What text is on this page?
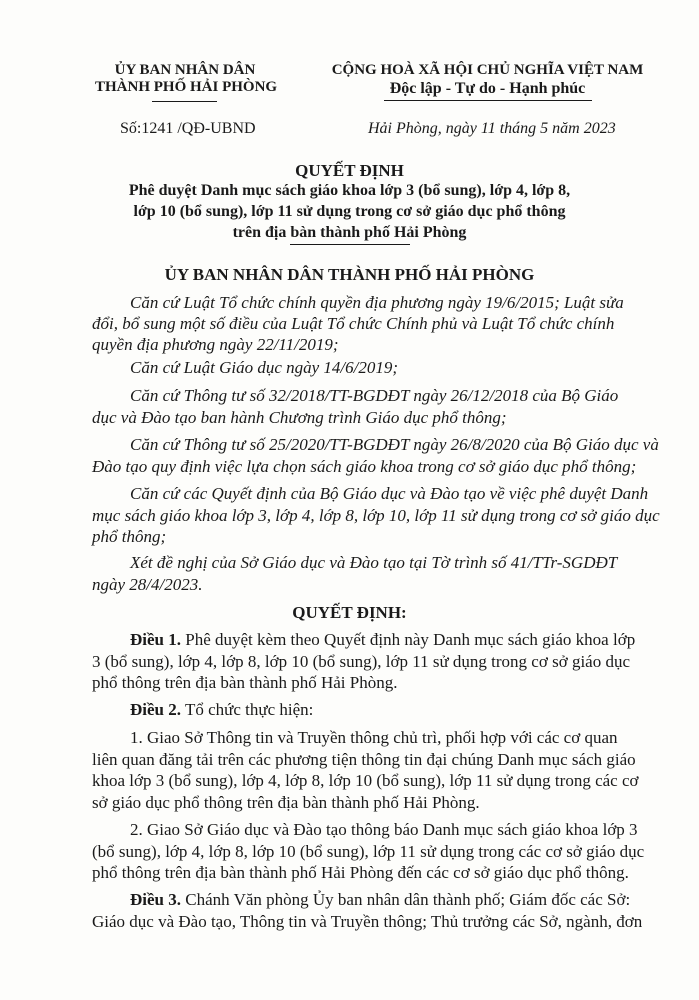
ỦY BAN NHÂN DÂN
THÀNH PHỐ HẢI PHÒNG
CỘNG HOÀ XÃ HỘI CHỦ NGHĨA VIỆT NAM
Độc lập - Tự do - Hạnh phúc
Số:1241 /QĐ-UBND	Hải Phòng, ngày 11 tháng 5 năm 2023
QUYẾT ĐỊNH
Phê duyệt Danh mục sách giáo khoa lớp 3 (bổ sung), lớp 4, lớp 8,
lớp 10 (bổ sung), lớp 11 sử dụng trong cơ sở giáo dục phổ thông
trên địa bàn thành phố Hải Phòng
ỦY BAN NHÂN DÂN THÀNH PHỐ HẢI PHÒNG
Căn cứ Luật Tổ chức chính quyền địa phương ngày 19/6/2015; Luật sửa
đổi, bổ sung một số điều của Luật Tổ chức Chính phủ và Luật Tổ chức chính
quyền địa phương ngày 22/11/2019;
Căn cứ Luật Giáo dục ngày 14/6/2019;
Căn cứ Thông tư số 32/2018/TT-BGDĐT ngày 26/12/2018 của Bộ Giáo
dục và Đào tạo ban hành Chương trình Giáo dục phổ thông;
Căn cứ Thông tư số 25/2020/TT-BGDĐT ngày 26/8/2020 của Bộ Giáo dục và
Đào tạo quy định việc lựa chọn sách giáo khoa trong cơ sở giáo dục phổ thông;
Căn cứ các Quyết định của Bộ Giáo dục và Đào tạo về việc phê duyệt Danh
mục sách giáo khoa lớp 3, lớp 4, lớp 8, lớp 10, lớp 11 sử dụng trong cơ sở giáo dục
phổ thông;
Xét đề nghị của Sở Giáo dục và Đào tạo tại Tờ trình số 41/TTr-SGDĐT
ngày 28/4/2023.
QUYẾT ĐỊNH:
Điều 1. Phê duyệt kèm theo Quyết định này Danh mục sách giáo khoa lớp
3 (bổ sung), lớp 4, lớp 8, lớp 10 (bổ sung), lớp 11 sử dụng trong cơ sở giáo dục
phổ thông trên địa bàn thành phố Hải Phòng.
Điều 2. Tổ chức thực hiện:
1. Giao Sở Thông tin và Truyền thông chủ trì, phối hợp với các cơ quan
liên quan đăng tải trên các phương tiện thông tin đại chúng Danh mục sách giáo
khoa lớp 3 (bổ sung), lớp 4, lớp 8, lớp 10 (bổ sung), lớp 11 sử dụng trong các cơ
sở giáo dục phổ thông trên địa bàn thành phố Hải Phòng.
2. Giao Sở Giáo dục và Đào tạo thông báo Danh mục sách giáo khoa lớp 3
(bổ sung), lớp 4, lớp 8, lớp 10 (bổ sung), lớp 11 sử dụng trong các cơ sở giáo dục
phổ thông trên địa bàn thành phố Hải Phòng đến các cơ sở giáo dục phổ thông.
Điều 3. Chánh Văn phòng Ủy ban nhân dân thành phố; Giám đốc các Sở:
Giáo dục và Đào tạo, Thông tin và Truyền thông; Thủ trưởng các Sở, ngành, đơn
